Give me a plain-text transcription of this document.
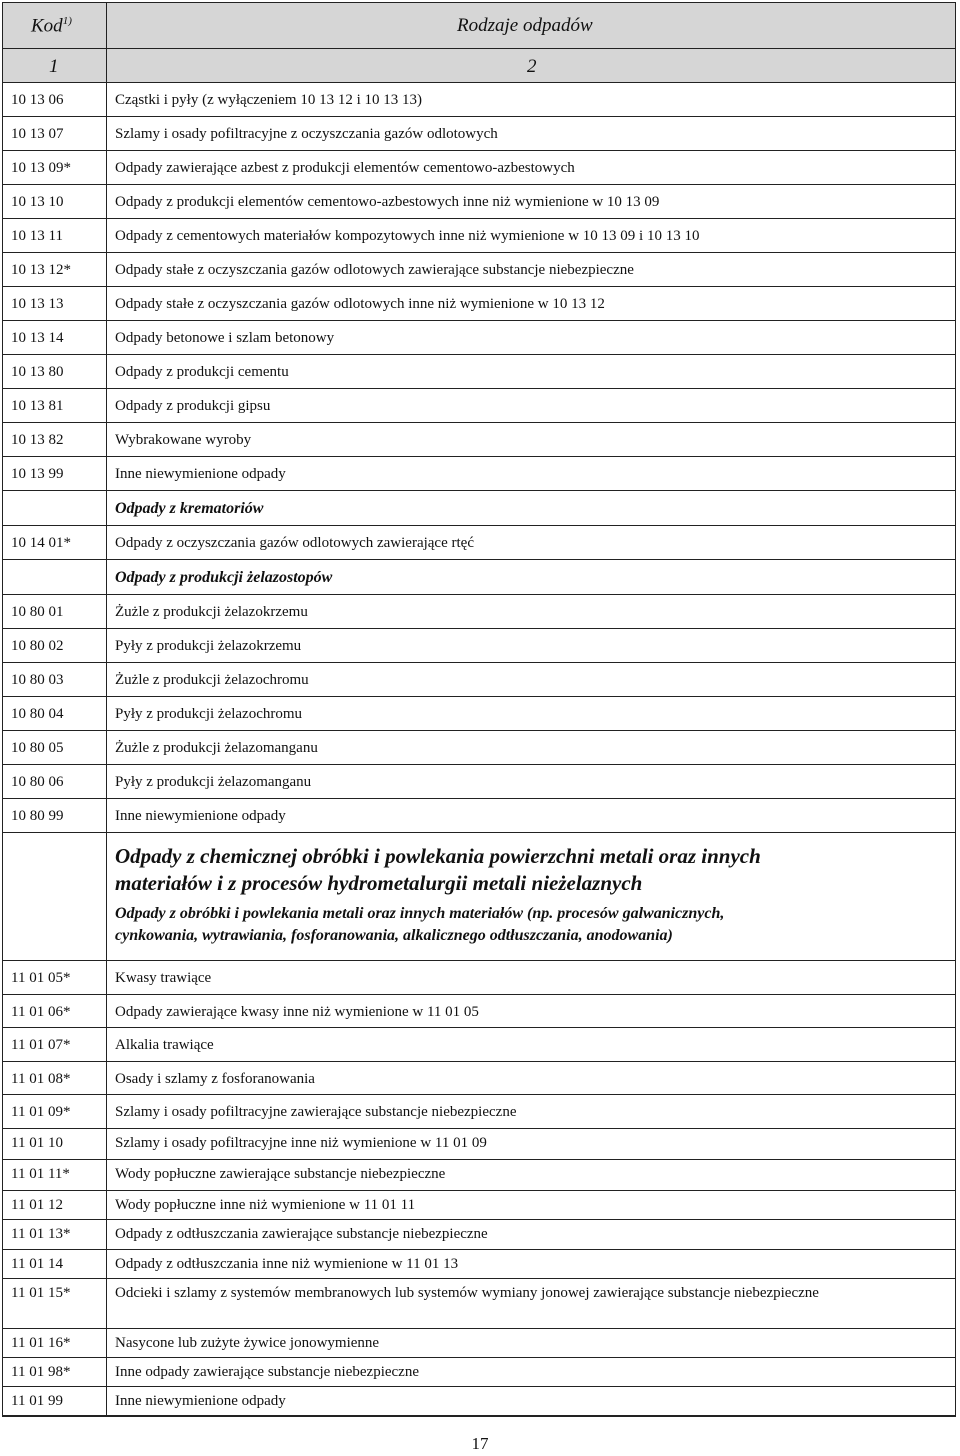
Kod$^{1)}$	Rodzaje odpadów
1	2
10 13 06	Cząstki i pyły (z wyłączeniem 10 13 12 i 10 13 13)
10 13 07	Szlamy i osady pofiltracyjne z oczyszczania gazów odlotowych
10 13 09*	Odpady zawierające azbest z produkcji elementów cementowo-azbestowych
10 13 10	Odpady z produkcji elementów cementowo-azbestowych inne niż wymienione w 10 13 09
10 13 11	Odpady z cementowych materiałów kompozytowych inne niż wymienione w 10 13 09 i 10 13 10
10 13 12*	Odpady stałe z oczyszczania gazów odlotowych zawierające substancje niebezpieczne
10 13 13	Odpady stałe z oczyszczania gazów odlotowych inne niż wymienione w 10 13 12
10 13 14	Odpady betonowe i szlam betonowy
10 13 80	Odpady z produkcji cementu
10 13 81	Odpady z produkcji gipsu
10 13 82	Wybrakowane wyroby
10 13 99	Inne niewymienione odpady
Odpady z krematoriów
10 14 01*	Odpady z oczyszczania gazów odlotowych zawierające rtęć
Odpady z produkcji żelazostopów
10 80 01	Żużle z produkcji żelazokrzemu
10 80 02	Pyły z produkcji żelazokrzemu
10 80 03	Żużle z produkcji żelazochromu
10 80 04	Pyły z produkcji żelazochromu
10 80 05	Żużle z produkcji żelazomanganu
10 80 06	Pyły z produkcji żelazomanganu
10 80 99	Inne niewymienione odpady
Odpady z chemicznej obróbki i powlekania powierzchni metali oraz innych
materiałów i z procesów hydrometalurgii metali nieżelaznych
Odpady z obróbki i powlekania metali oraz innych materiałów (np. procesów galwanicznych,
cynkowania, wytrawiania, fosforanowania, alkalicznego odtłuszczania, anodowania)
11 01 05*	Kwasy trawiące
11 01 06*	Odpady zawierające kwasy inne niż wymienione w 11 01 05
11 01 07*	Alkalia trawiące
11 01 08*	Osady i szlamy z fosforanowania
11 01 09*	Szlamy i osady pofiltracyjne zawierające substancje niebezpieczne
11 01 10	Szlamy i osady pofiltracyjne inne niż wymienione w 11 01 09
11 01 11*	Wody popłuczne zawierające substancje niebezpieczne
11 01 12	Wody popłuczne inne niż wymienione w 11 01 11
11 01 13*	Odpady z odtłuszczania zawierające substancje niebezpieczne
11 01 14	Odpady z odtłuszczania inne niż wymienione w 11 01 13
11 01 15*	Odcieki i szlamy z systemów membranowych lub systemów wymiany jonowej zawierające substancje niebezpieczne
11 01 16*	Nasycone lub zużyte żywice jonowymienne
11 01 98*	Inne odpady zawierające substancje niebezpieczne
11 01 99	Inne niewymienione odpady
17
